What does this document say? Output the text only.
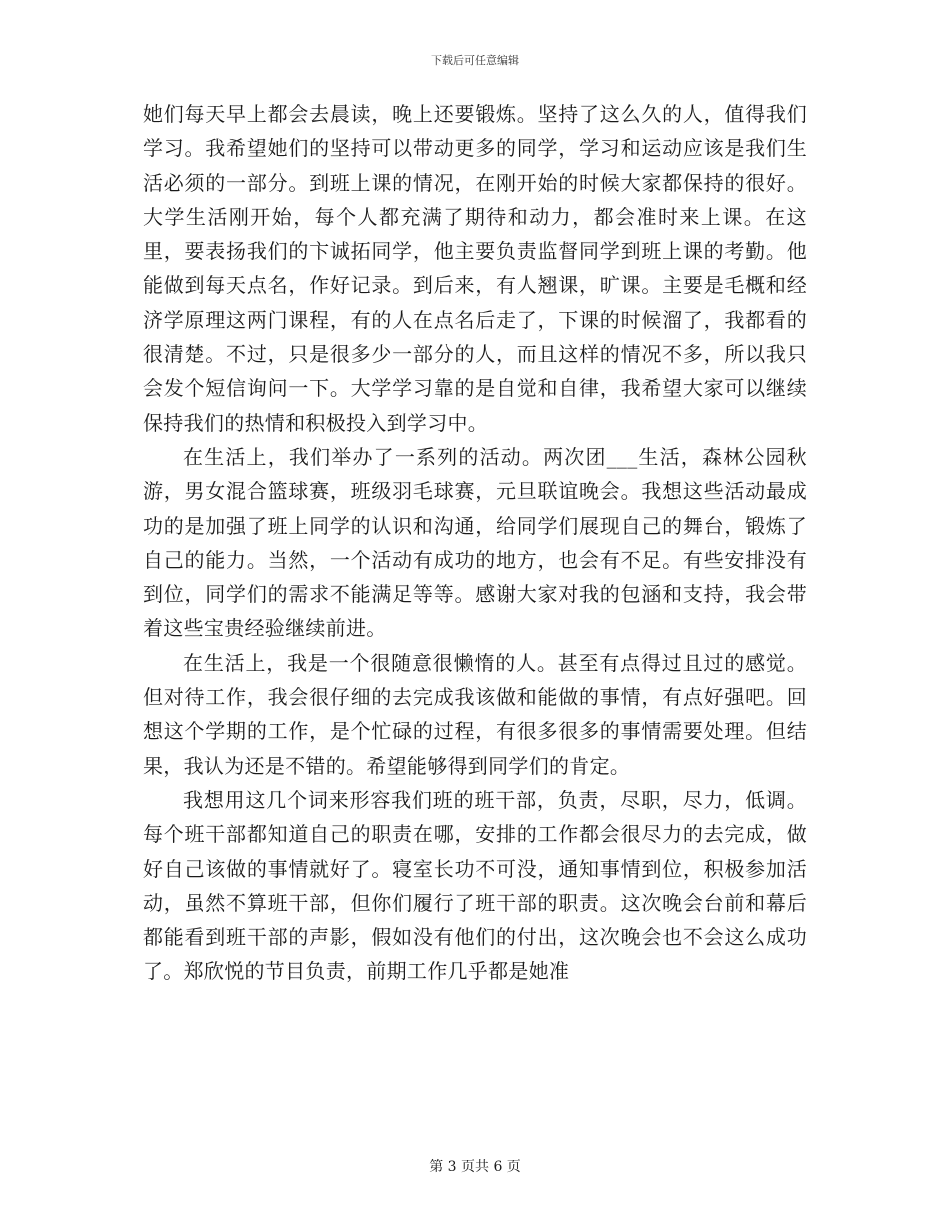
下载后可任意编辑

她们每天早上都会去晨读，晚上还要锻炼。坚持了这么久的人，值得我们学习。我希望她们的坚持可以带动更多的同学，学习和运动应该是我们生活必须的一部分。到班上课的情况，在刚开始的时候大家都保持的很好。大学生活刚开始，每个人都充满了期待和动力，都会准时来上课。在这里，要表扬我们的卞诚拓同学，他主要负责监督同学到班上课的考勤。他能做到每天点名，作好记录。到后来，有人翘课，旷课。主要是毛概和经济学原理这两门课程，有的人在点名后走了，下课的时候溜了，我都看的很清楚。不过，只是很多少一部分的人，而且这样的情况不多，所以我只会发个短信询问一下。大学学习靠的是自觉和自律，我希望大家可以继续保持我们的热情和积极投入到学习中。

在生活上，我们举办了一系列的活动。两次团___生活，森林公园秋游，男女混合篮球赛，班级羽毛球赛，元旦联谊晚会。我想这些活动最成功的是加强了班上同学的认识和沟通，给同学们展现自己的舞台，锻炼了自己的能力。当然，一个活动有成功的地方，也会有不足。有些安排没有到位，同学们的需求不能满足等等。感谢大家对我的包涵和支持，我会带着这些宝贵经验继续前进。

在生活上，我是一个很随意很懒惰的人。甚至有点得过且过的感觉。但对待工作，我会很仔细的去完成我该做和能做的事情，有点好强吧。回想这个学期的工作，是个忙碌的过程，有很多很多的事情需要处理。但结果，我认为还是不错的。希望能够得到同学们的肯定。

我想用这几个词来形容我们班的班干部，负责，尽职，尽力，低调。每个班干部都知道自己的职责在哪，安排的工作都会很尽力的去完成，做好自己该做的事情就好了。寝室长功不可没，通知事情到位，积极参加活动，虽然不算班干部，但你们履行了班干部的职责。这次晚会台前和幕后都能看到班干部的声影，假如没有他们的付出，这次晚会也不会这么成功了。郑欣悦的节目负责，前期工作几乎都是她准

第 3 页共 6 页
